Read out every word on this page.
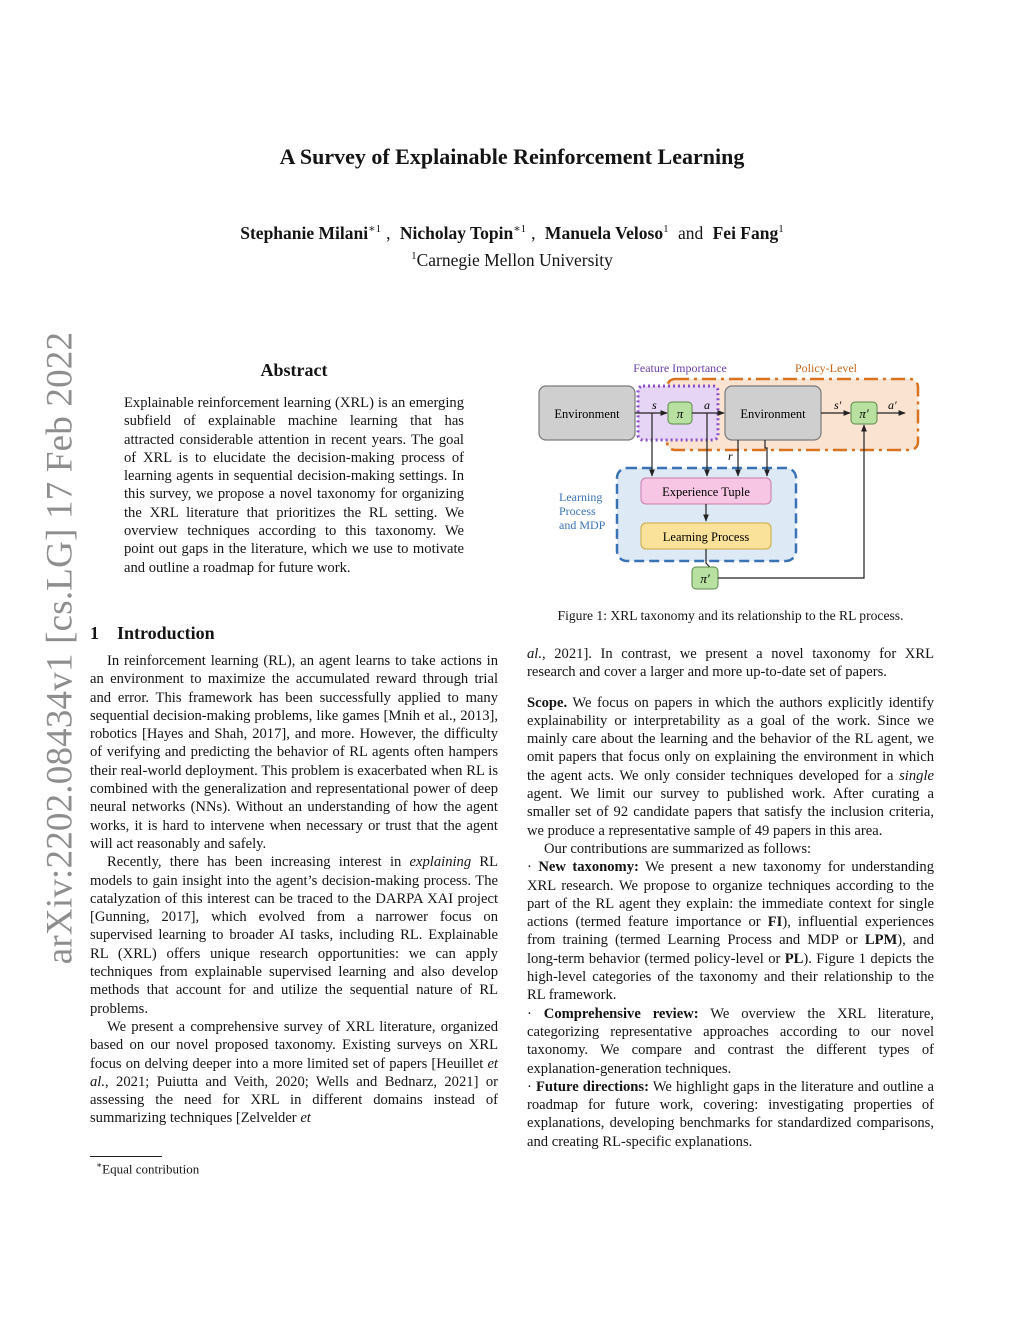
arXiv:2202.08434v1 [cs.LG] 17 Feb 2022
A Survey of Explainable Reinforcement Learning
Stephanie Milani$^{∗1}$ , Nicholay Topin$^{∗1}$ , Manuela Veloso$^1$ and Fei Fang$^1$
$^1$Carnegie Mellon University
Abstract
Explainable reinforcement learning (XRL) is an emerging subfield of explainable machine learning that has attracted considerable attention in recent years. The goal of XRL is to elucidate the decision-making process of learning agents in sequential decision-making settings. In this survey, we propose a novel taxonomy for organizing the XRL literature that prioritizes the RL setting. We overview techniques according to this taxonomy. We point out gaps in the literature, which we use to motivate and outline a roadmap for future work.
1 Introduction

In reinforcement learning (RL), an agent learns to take actions in an environment to maximize the accumulated reward through trial and error. This framework has been successfully applied to many sequential decision-making problems, like games [Mnih et al., 2013], robotics [Hayes and Shah, 2017], and more. However, the difficulty of verifying and predicting the behavior of RL agents often hampers their real-world deployment. This problem is exacerbated when RL is combined with the generalization and representational power of deep neural networks (NNs). Without an understanding of how the agent works, it is hard to intervene when necessary or trust that the agent will act reasonably and safely.

Recently, there has been increasing interest in explaining RL models to gain insight into the agent’s decision-making process. The catalyzation of this interest can be traced to the DARPA XAI project [Gunning, 2017], which evolved from a narrower focus on supervised learning to broader AI tasks, including RL. Explainable RL (XRL) offers unique research opportunities: we can apply techniques from explainable supervised learning and also develop methods that account for and utilize the sequential nature of RL problems.

We present a comprehensive survey of XRL literature, organized based on our novel proposed taxonomy. Existing surveys on XRL focus on delving deeper into a more limited set of papers [Heuillet et al., 2021; Puiutta and Veith, 2020; Wells and Bednarz, 2021] or assessing the need for XRL in different domains instead of summarizing techniques [Zelvelder et

∗Equal contribution
Feature Importance	Policy-Level
Environment	Environment
π	π′
s	a	s′	a′
r
Learning
Process
and MDP
Experience Tuple
Learning Process
π′
Figure 1: XRL taxonomy and its relationship to the RL process.

al., 2021]. In contrast, we present a novel taxonomy for XRL research and cover a larger and more up-to-date set of papers.

Scope. We focus on papers in which the authors explicitly identify explainability or interpretability as a goal of the work. Since we mainly care about the learning and the behavior of the RL agent, we omit papers that focus only on explaining the environment in which the agent acts. We only consider techniques developed for a single agent. We limit our survey to published work. After curating a smaller set of 92 candidate papers that satisfy the inclusion criteria, we produce a representative sample of 49 papers in this area.

Our contributions are summarized as follows:

· New taxonomy: We present a new taxonomy for understanding XRL research. We propose to organize techniques according to the part of the RL agent they explain: the immediate context for single actions (termed feature importance or FI), influential experiences from training (termed Learning Process and MDP or LPM), and long-term behavior (termed policy-level or PL). Figure 1 depicts the high-level categories of the taxonomy and their relationship to the RL framework.

· Comprehensive review: We overview the XRL literature, categorizing representative approaches according to our novel taxonomy. We compare and contrast the different types of explanation-generation techniques.

· Future directions: We highlight gaps in the literature and outline a roadmap for future work, covering: investigating properties of explanations, developing benchmarks for standardized comparisons, and creating RL-specific explanations.
